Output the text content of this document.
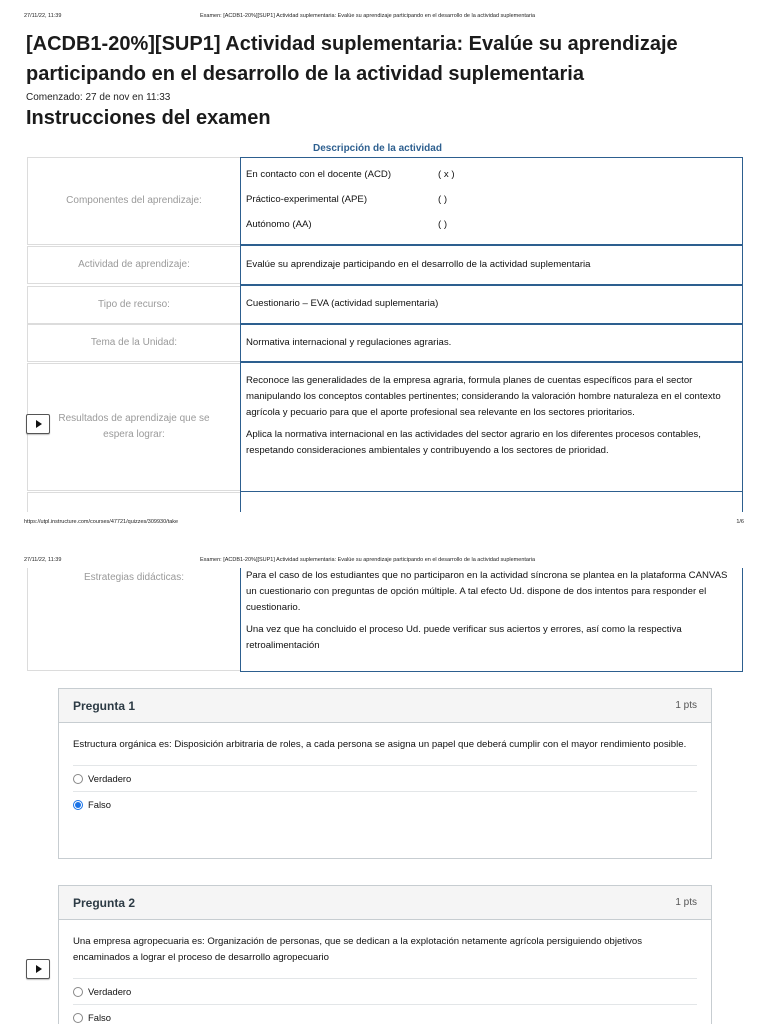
27/11/22, 11:39	Examen: [ACDB1-20%][SUP1] Actividad suplementaria: Evalúe su aprendizaje participando en el desarrollo de la actividad suplementaria
[ACDB1-20%][SUP1] Actividad suplementaria: Evalúe su aprendizaje participando en el desarrollo de la actividad suplementaria
Comenzado: 27 de nov en 11:33
Instrucciones del examen
Descripción de la actividad
Componentes del aprendizaje:
En contacto con el docente (ACD)	( x )
Práctico-experimental (APE)	( )
Autónomo (AA)	( )
Actividad de aprendizaje:	Evalúe su aprendizaje participando en el desarrollo de la actividad suplementaria
Tipo de recurso:	Cuestionario – EVA (actividad suplementaria)
Tema de la Unidad:	Normativa internacional y regulaciones agrarias.
Resultados de aprendizaje que se espera lograr:

Reconoce las generalidades de la empresa agraria, formula planes de cuentas específicos para el sector manipulando los conceptos contables pertinentes; considerando la valoración hombre naturaleza en el contexto agrícola y pecuario para que el aporte profesional sea relevante en los sectores prioritarios.

Aplica la normativa internacional en las actividades del sector agrario en los diferentes procesos contables, respetando consideraciones ambientales y contribuyendo a los sectores de prioridad.

https://utpl.instructure.com/courses/47721/quizzes/309930/take	1/6
27/11/22, 11:39	Examen: [ACDB1-20%][SUP1] Actividad suplementaria: Evalúe su aprendizaje participando en el desarrollo de la actividad suplementaria
Estrategias didácticas:	Para el caso de los estudiantes que no participaron en la actividad síncrona se plantea en la plataforma CANVAS un cuestionario con preguntas de opción múltiple. A tal efecto Ud. dispone de dos intentos para responder el cuestionario.

Una vez que ha concluido el proceso Ud. puede verificar sus aciertos y errores, así como la respectiva retroalimentación

Pregunta 1	1 pts
Estructura orgánica es: Disposición arbitraria de roles, a cada persona se asigna un papel que deberá cumplir con el mayor rendimiento posible.
Verdadero
Falso
Pregunta 2	1 pts
Una empresa agropecuaria es: Organización de personas, que se dedican a la explotación netamente agrícola persiguiendo objetivos encaminados a lograr el proceso de desarrollo agropecuario
Verdadero
Falso
